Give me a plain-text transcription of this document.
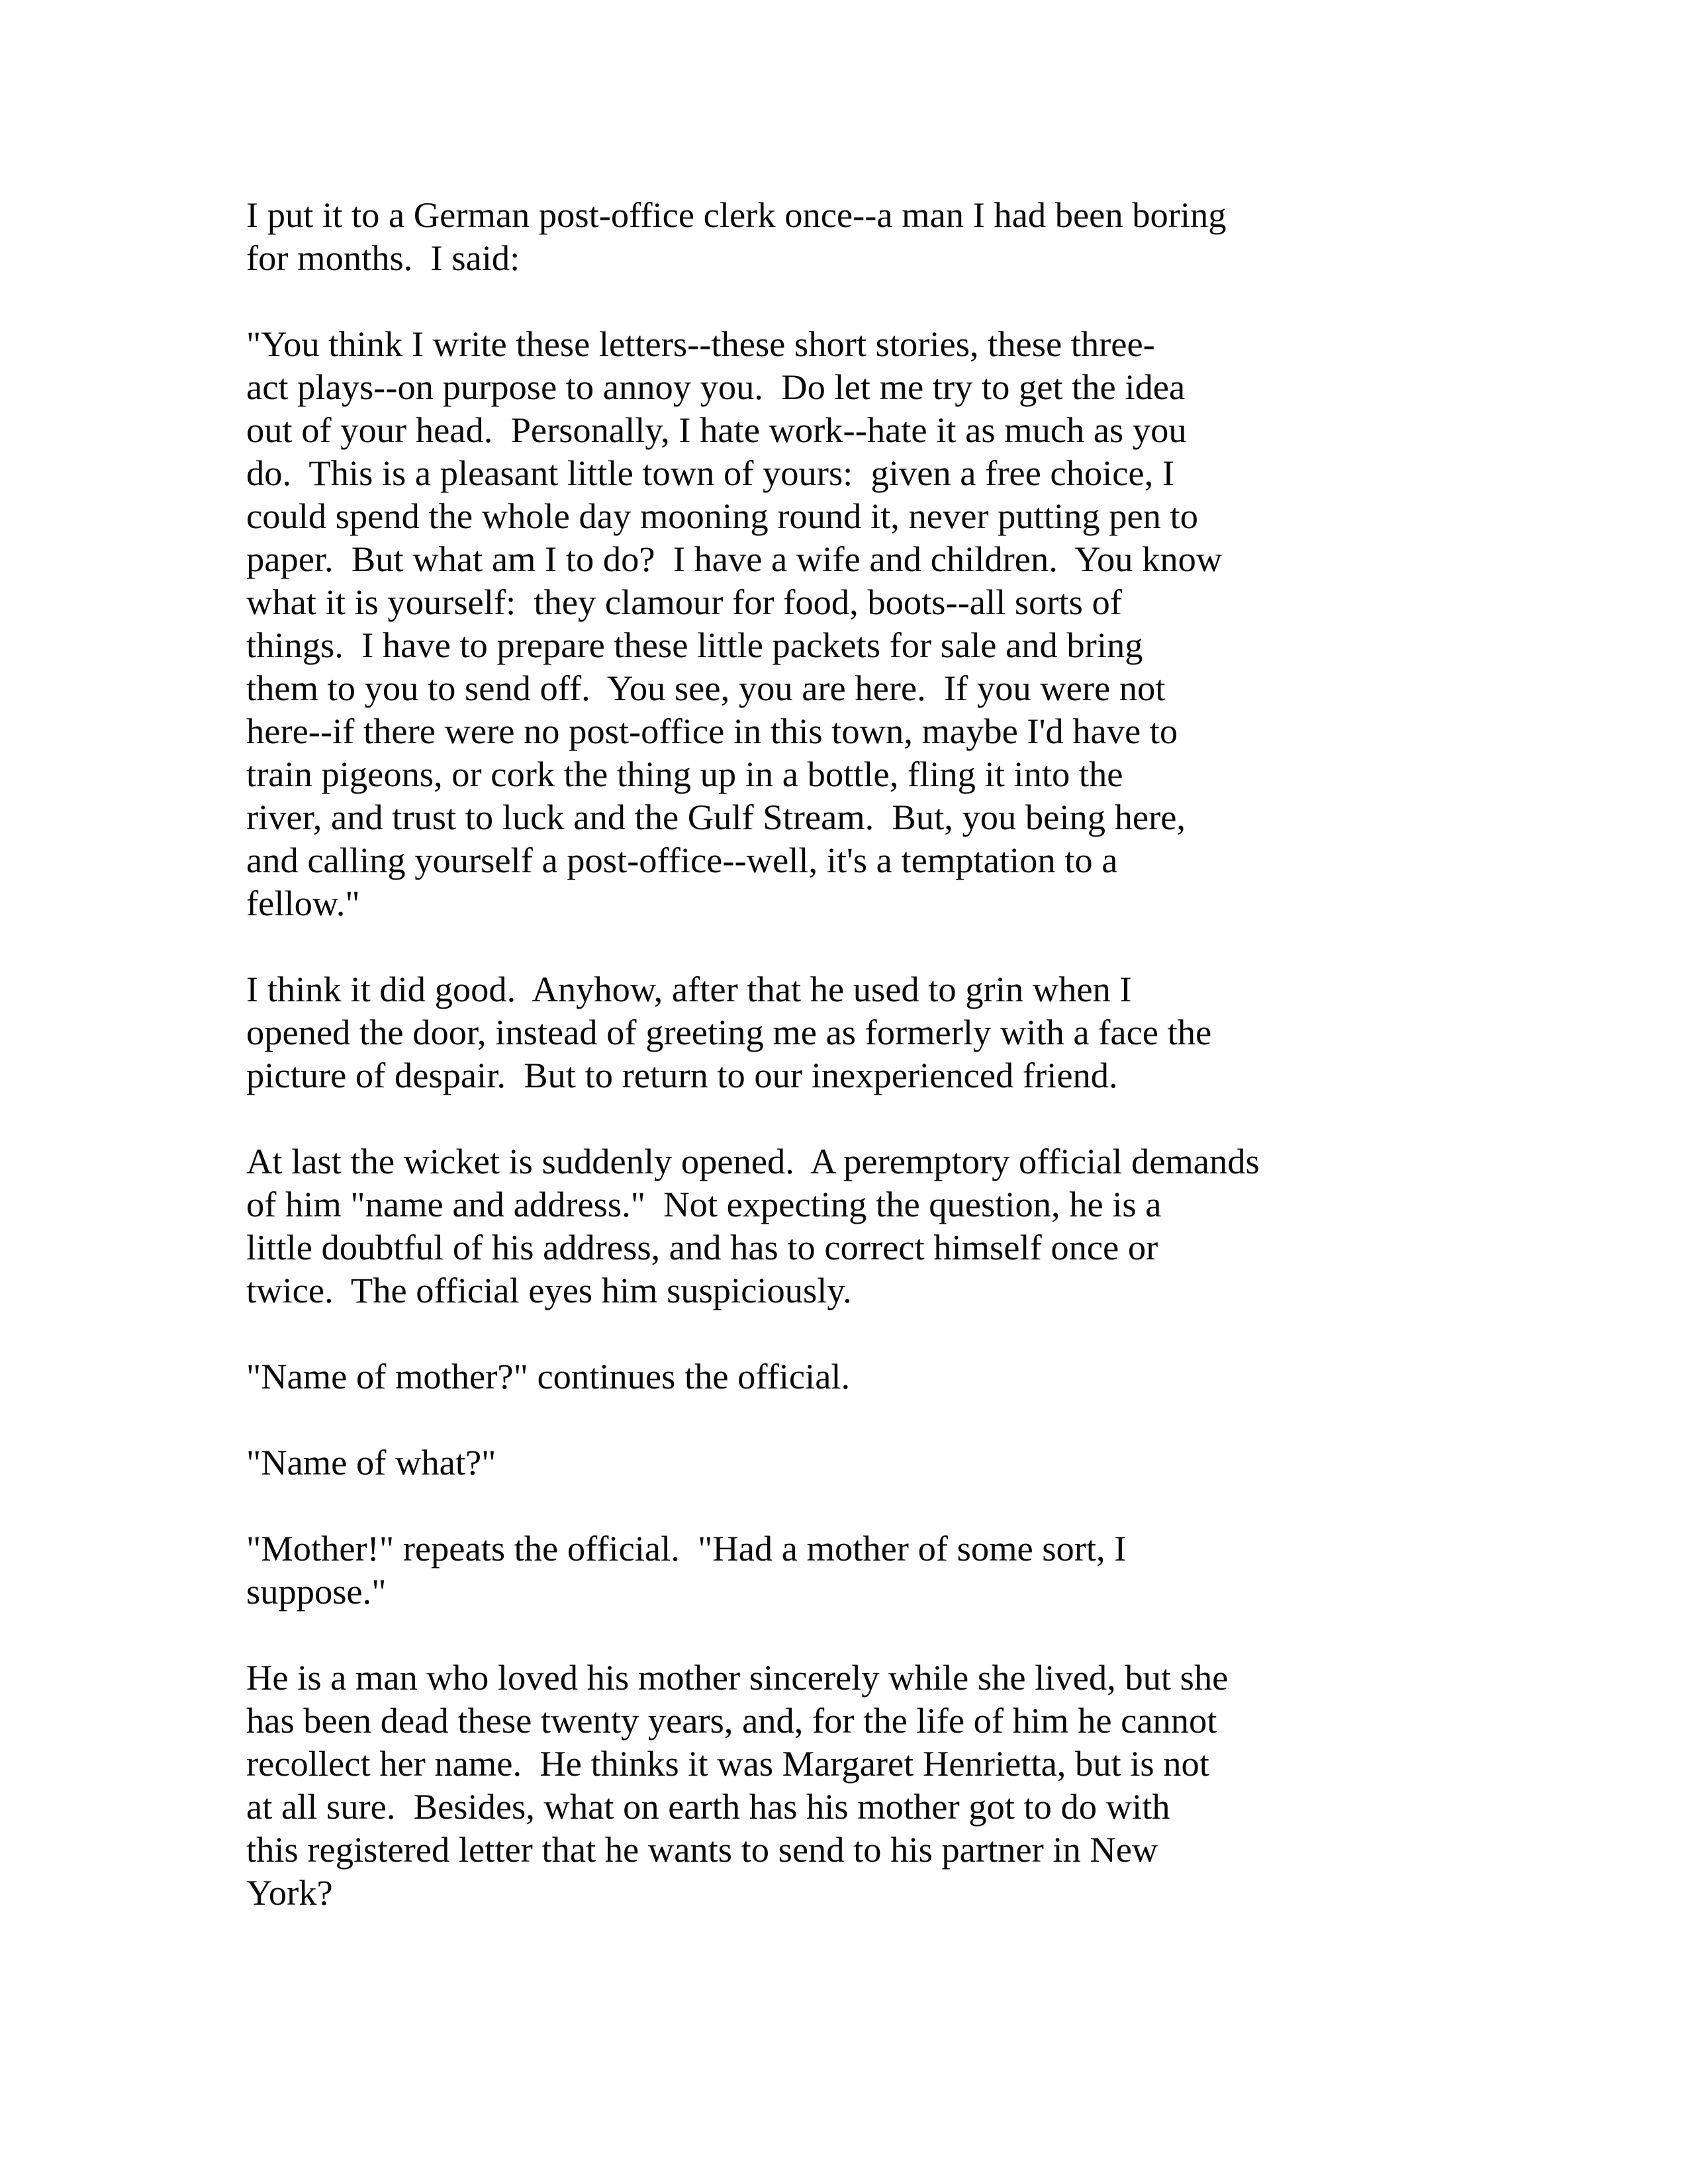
I put it to a German post-office clerk once--a man I had been boring
for months.  I said:

"You think I write these letters--these short stories, these three-
act plays--on purpose to annoy you.  Do let me try to get the idea
out of your head.  Personally, I hate work--hate it as much as you
do.  This is a pleasant little town of yours:  given a free choice, I
could spend the whole day mooning round it, never putting pen to
paper.  But what am I to do?  I have a wife and children.  You know
what it is yourself:  they clamour for food, boots--all sorts of
things.  I have to prepare these little packets for sale and bring
them to you to send off.  You see, you are here.  If you were not
here--if there were no post-office in this town, maybe I'd have to
train pigeons, or cork the thing up in a bottle, fling it into the
river, and trust to luck and the Gulf Stream.  But, you being here,
and calling yourself a post-office--well, it's a temptation to a
fellow."

I think it did good.  Anyhow, after that he used to grin when I
opened the door, instead of greeting me as formerly with a face the
picture of despair.  But to return to our inexperienced friend.

At last the wicket is suddenly opened.  A peremptory official demands
of him "name and address."  Not expecting the question, he is a
little doubtful of his address, and has to correct himself once or
twice.  The official eyes him suspiciously.

"Name of mother?" continues the official.

"Name of what?"

"Mother!" repeats the official.  "Had a mother of some sort, I
suppose."

He is a man who loved his mother sincerely while she lived, but she
has been dead these twenty years, and, for the life of him he cannot
recollect her name.  He thinks it was Margaret Henrietta, but is not
at all sure.  Besides, what on earth has his mother got to do with
this registered letter that he wants to send to his partner in New
York?
